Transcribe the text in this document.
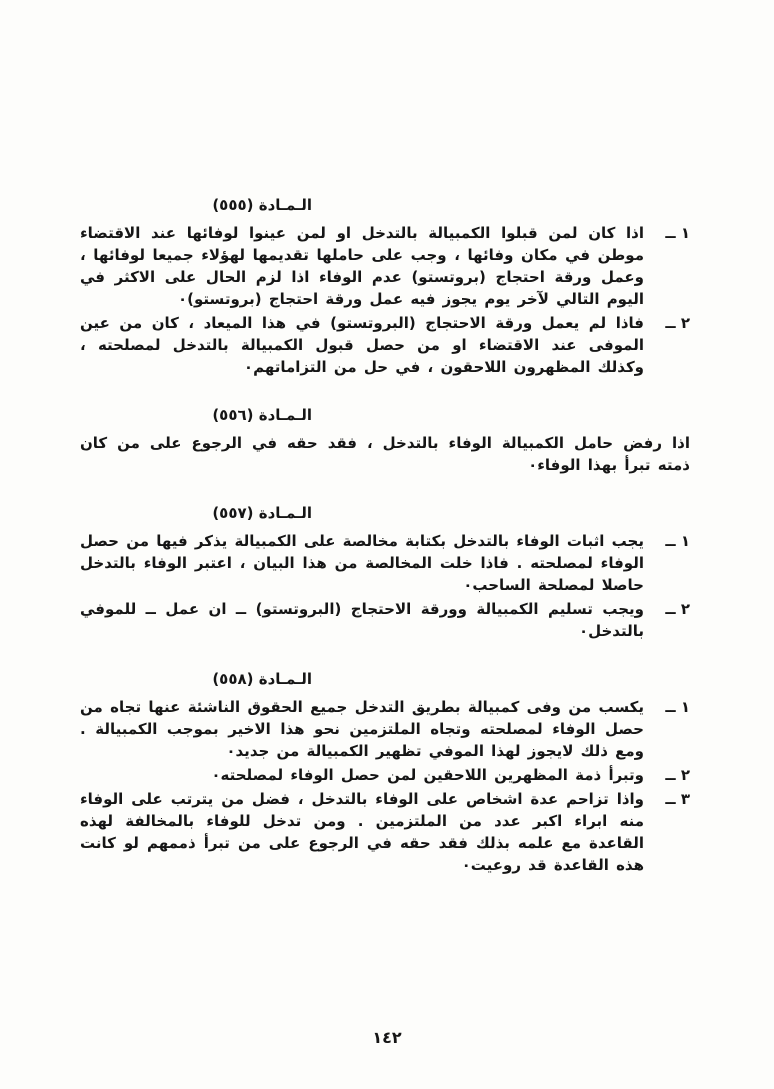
الـمـادة (٥٥٥)
١ ــ

اذا كان لمن قبلوا الكمبيالة بالتدخل او لمن عينوا لوفائها عند الاقتضاء موطن في مكان وفائها ، وجب على حاملها تقديمها لهؤلاء جميعا لوفائها ، وعمل ورقة احتجاج (بروتستو) عدم الوفاء اذا لزم الحال على الاكثر في اليوم التالي لآخر يوم يجوز فيه عمل ورقة احتجاج (بروتستو)٠

٢ ــ

فاذا لم يعمل ورقة الاحتجاج (البروتستو) في هذا الميعاد ، كان من عين الموفى عند الاقتضاء او من حصل قبول الكمبيالة بالتدخل لمصلحته ، وكذلك المظهرون اللاحقون ، في حل من التزاماتهم٠

الـمـادة (٥٥٦)

اذا رفض حامل الكمبيالة الوفاء بالتدخل ، فقد حقه في الرجوع على من كان ذمته تبرأ بهذا الوفاء٠

الـمـادة (٥٥٧)
١ ــ

يجب اثبات الوفاء بالتدخل بكتابة مخالصة على الكمبيالة يذكر فيها من حصل الوفاء لمصلحته . فاذا خلت المخالصة من هذا البيان ، اعتبر الوفاء بالتدخل حاصلا لمصلحة الساحب٠

٢ ــ

ويجب تسليم الكمبيالة وورقة الاحتجاج (البروتستو) ــ ان عمل ــ للموفي بالتدخل٠

الـمـادة (٥٥٨)
١ ــ

يكسب من وفى كمبيالة بطريق التدخل جميع الحقوق الناشئة عنها تجاه من حصل الوفاء لمصلحته وتجاه الملتزمين نحو هذا الاخير بموجب الكمبيالة . ومع ذلك لايجوز لهذا الموفي تظهير الكمبيالة من جديد٠

٢ ــ

وتبرأ ذمة المظهرين اللاحقين لمن حصل الوفاء لمصلحته٠

٣ ــ

واذا تزاحم عدة اشخاص على الوفاء بالتدخل ، فضل من يترتب على الوفاء منه ابراء اكبر عدد من الملتزمين . ومن تدخل للوفاء بالمخالفة لهذه القاعدة مع علمه بذلك فقد حقه في الرجوع على من تبرأ ذممهم لو كانت هذه القاعدة قد روعيت٠

١٤٢
